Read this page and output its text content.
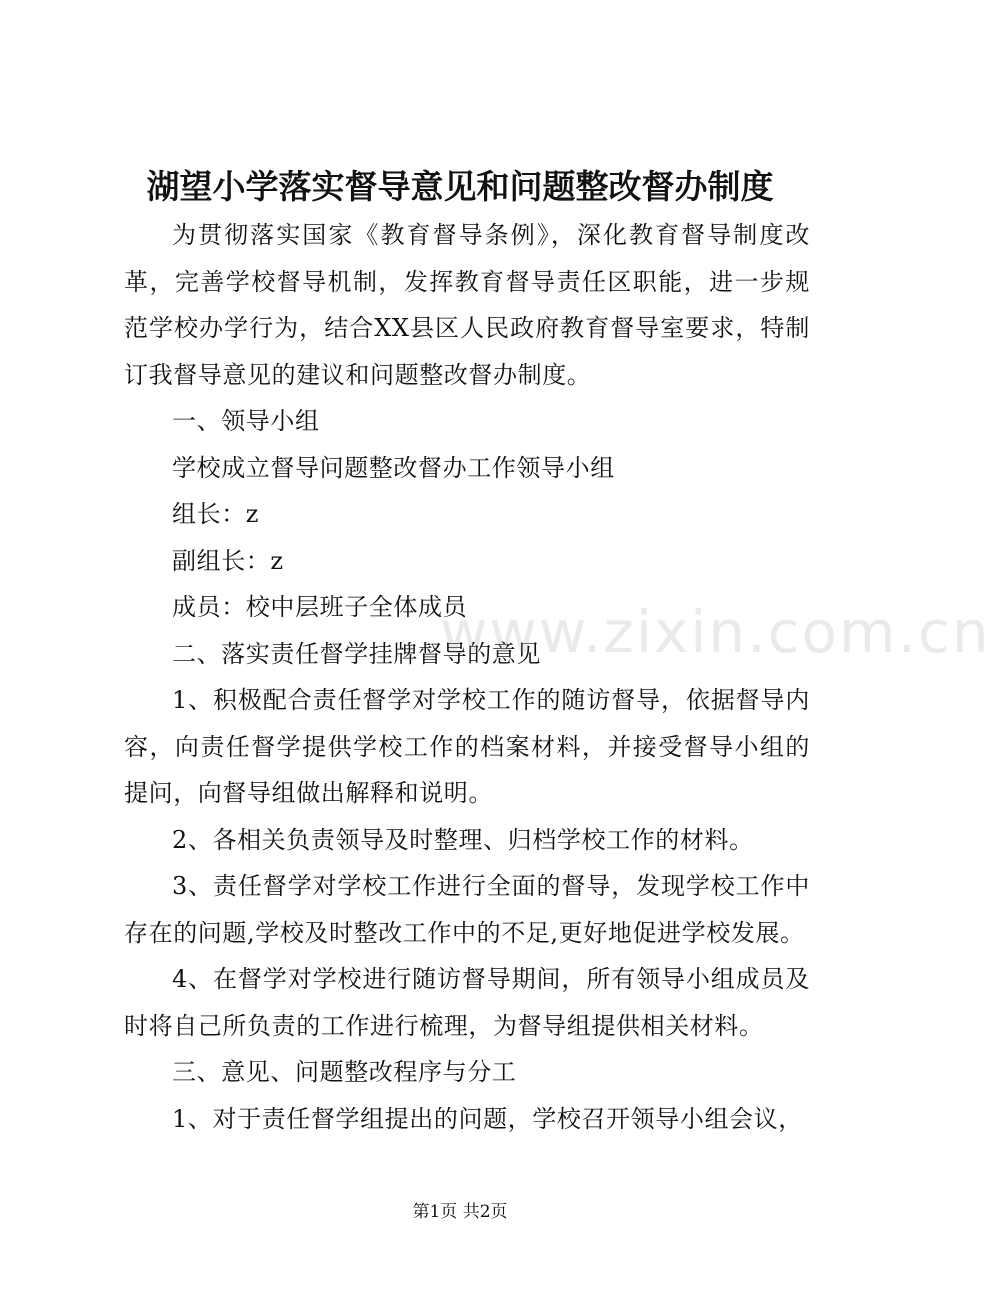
湖望小学落实督导意见和问题整改督办制度

为贯彻落实国家《教育督导条例》，深化教育督导制度改革，完善学校督导机制，发挥教育督导责任区职能，进一步规范学校办学行为，结合XX县区人民政府教育督导室要求，特制订我督导意见的建议和问题整改督办制度。

一、领导小组

学校成立督导问题整改督办工作领导小组

组长：z

副组长：z

成员：校中层班子全体成员

二、落实责任督学挂牌督导的意见

1、积极配合责任督学对学校工作的随访督导，依据督导内容，向责任督学提供学校工作的档案材料，并接受督导小组的提问，向督导组做出解释和说明。

2、各相关负责领导及时整理、归档学校工作的材料。

3、责任督学对学校工作进行全面的督导，发现学校工作中存在的问题,学校及时整改工作中的不足,更好地促进学校发展。

4、在督学对学校进行随访督导期间，所有领导小组成员及时将自己所负责的工作进行梳理，为督导组提供相关材料。

三、意见、问题整改程序与分工

1、对于责任督学组提出的问题，学校召开领导小组会议，

www.zixin.com.cn
第1页 共2页
